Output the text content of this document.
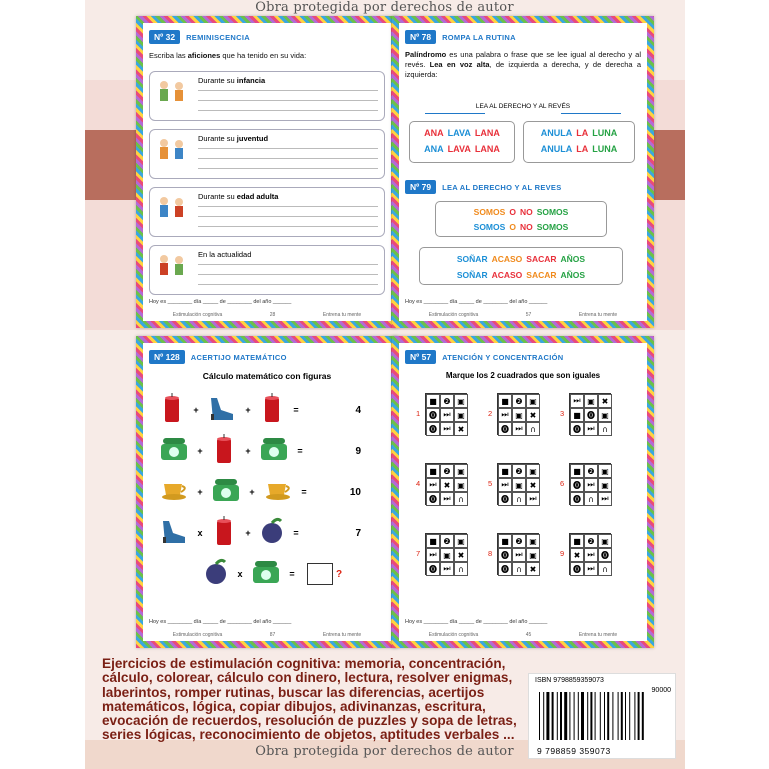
Nº 32	REMINISCENCIA
Escriba las aficiones que ha tenido en su vida:
Durante su infancia
Durante su juventud
Durante su edad adulta
En la actualidad
Hoy es ________ día _____ de ________ del año ______
Estimulación cognitiva	28	Entrena tu mente
Nº 78	ROMPA LA RUTINA
Palíndromo es una palabra o frase que se lee igual al derecho y al revés. Lea en voz alta, de izquierda a derecha, y de derecha a izquierda:
LEA AL DERECHO Y AL REVÉS
ANA LAVA LANA
ANA LAVA LANA
ANULA LA LUNA
ANULA LA LUNA
Nº 79	LEA AL DERECHO Y AL REVES
SOMOS O NO SOMOS
SOMOS O NO SOMOS
SOÑAR ACASO SACAR AÑOS
SOÑAR ACASO SACAR AÑOS
Hoy es ________ día _____ de ________ del año ______
Estimulación cognitiva	57	Entrena tu mente
Nº 128	ACERTIJO MATEMÁTICO
Cálculo matemático con figuras
+	+	=	4
+	+	=	9
+	+	=	10
x	+	=	7
x	=	?
Hoy es ________ día _____ de ________ del año ______
Estimulación cognitiva	87	Entrena tu mente
Nº 57	ATENCIÓN Y CONCENTRACIÓN
Marque los 2 cuadrados que son iguales
1
■ ❷ ▣
⓿ ⏭ ▣
⓿ ⏭ ✖
2
■ ❷ ▣
⏭ ▣ ✖
⓿ ⏭ ∩
3
⏭ ▣ ✖
■ ⓿ ▣
⓿ ⏭ ∩
4
■ ❷ ▣
⏭ ✖ ▣
⓿ ⏭ ∩
5
■ ❷ ▣
⏭ ▣ ✖
⓿ ∩ ⏭
6
■ ❷ ▣
⓿ ⏭ ▣
⓿ ∩ ⏭
7
■ ❷ ▣
⏭ ▣ ✖
⓿ ⏭ ∩
8
■ ❷ ▣
⓿ ⏭ ▣
⓿ ∩ ✖
9
■ ❷ ▣
✖ ⏭ ⓿
⓿ ⏭ ∩
Hoy es ________ día _____ de ________ del año ______
Estimulación cognitiva	45	Entrena tu mente
Ejercicios de estimulación cognitiva: memoria, concentración, cálculo, colorear, cálculo con dinero, lectura, resolver enigmas, laberintos, romper rutinas, buscar las diferencias, acertijos matemáticos, lógica, copiar dibujos, adivinanzas, escritura, evocación de recuerdos, resolución de puzzles y sopa de letras, series lógicas, reconocimiento de objetos, aptitudes verbales ...
ISBN 9798859359073
90000
9 798859 359073
Obra protegida por derechos de autor
Obra protegida por derechos de autor
